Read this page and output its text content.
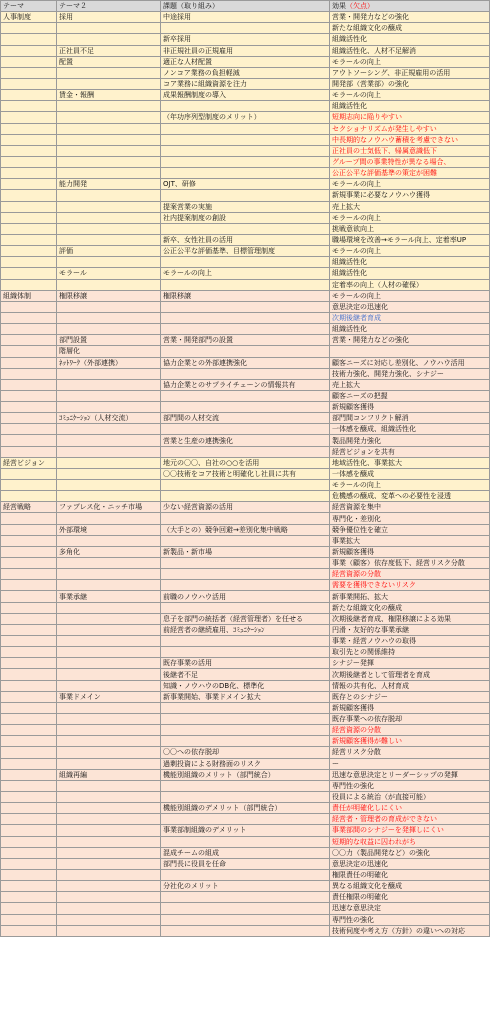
テーマ	テーマ２	課題（取り組み）	効果（欠点）
人事制度	採用	中途採用	営業・開発力などの強化
			新たな組織文化の醸成
		新卒採用	組織活性化
	正社員不足	非正規社員の正規雇用	組織活性化、人材不足解消
	配置	適正な人材配置	モラールの向上
		ノンコア業務の負担軽減	アウトソーシング、非正規雇用の活用
		コア業務に組織資源を注力	開発部（営業部）の強化
	賃金・報酬	成果報酬制度の導入	モラールの向上
			組織活性化
		（年功序列型制度のメリット）	短期志向に陥りやすい
			セクショナリズムが発生しやすい
			中長期的なノウハウ蓄積を考慮できない
			正社員の士気低下、帰属意識低下
			グループ間の事業特性が異なる場合、
			公正公平な評価基準の策定が困難
	能力開発	OJT、研修	モラールの向上
			新規事業に必要なノウハウ獲得
		提案営業の実施	売上拡大
		社内提案制度の創設	モラールの向上
			挑戦意欲向上
		新卒、女性社員の活用	職場環境を改善→モラール向上、定着率UP
	評価	公正公平な評価基準、目標管理制度	モラールの向上
			組織活性化
	モラール	モラールの向上	組織活性化
			定着率の向上（人材の確保）
組織体制	権限移譲	権限移譲	モラールの向上
			意思決定の迅速化
			次期後継者育成
			組織活性化
	部門設置	営業・開発部門の設置	営業・開発力などの強化
	階層化		
	ﾈｯﾄﾜｰｸ（外部連携）	協力企業との外部連携強化	顧客ニーズに対応し差別化、ノウハウ活用
			技術力強化、開発力強化、シナジー
		協力企業とのサプライチェーンの情報共有	売上拡大
			顧客ニーズの把握
			新規顧客獲得
	ｺﾐｭﾆｹｰｼｮﾝ（人材交流）	部門間の人材交流	部門間コンフリクト解消
			一体感を醸成、組織活性化
		営業と生産の連携強化	製品開発力強化
			経営ビジョンを共有
経営ビジョン		地元の〇〇、自社の○○を活用	地域活性化、事業拡大
		〇〇技術をコア技術と明確化し社員に共有	一体感を醸成
			モラールの向上
			危機感の醸成、変革への必要性を浸透
経営戦略	ファブレス化・ニッチ市場	少ない経営資源の活用	経営資源を集中
			専門化・差別化
	外部環境	（大手との）競争回避→差別化集中戦略	競争優位性を確立
			事業拡大
	多角化	新製品・新市場	新規顧客獲得
			事業（顧客）依存度低下、経営リスク分散
			経営資源の分散
			需要を獲得できないリスク
	事業承継	前職のノウハウ活用	新事業開拓、拡大
			新たな組織文化の醸成
		息子を部門の統括者（経営管理者）を任せる	次期後継者育成、権限移譲による効果
		前経営者の継続雇用、ｺﾐｭﾆｹｰｼｮﾝ	円滑・友好的な事業承継
			事業・経営ノウハウの取得
			取引先との関係維持
		既存事業の活用	シナジー発揮
		後継者不足	次期後継者として管理者を育成
		知識・ノウハウのDB化、標準化	情報の共有化、人材育成
	事業ドメイン	新事業開始、事業ドメイン拡大	既存とのシナジー
			新規顧客獲得
			既存事業への依存脱却
			経営資源の分散
			新規顧客獲得が難しい
		〇〇への依存脱却	経営リスク分散
		過剰投資による財務面のリスク	ー
	組織再編	機能別組織のメリット（部門統合）	迅速な意思決定とリーダーシップの発揮
			専門性の強化
			役員による統治（が直接可能）
		機能別組織のデメリット（部門統合）	責任が明確化しにくい
			経営者・管理者の育成ができない
		事業部制組織のデメリット	事業部間のシナジーを発揮しにくい
			短期的な収益に囚われがち
		混成チームの組成	〇〇力（製品開発など）の強化
		部門長に役員を任命	意思決定の迅速化
			権限責任の明確化
		分社化のメリット	異なる組織文化を醸成
			責任権限の明確化
			迅速な意思決定
			専門性の強化
			技術伺度や考え方（方針）の違いへの対応
